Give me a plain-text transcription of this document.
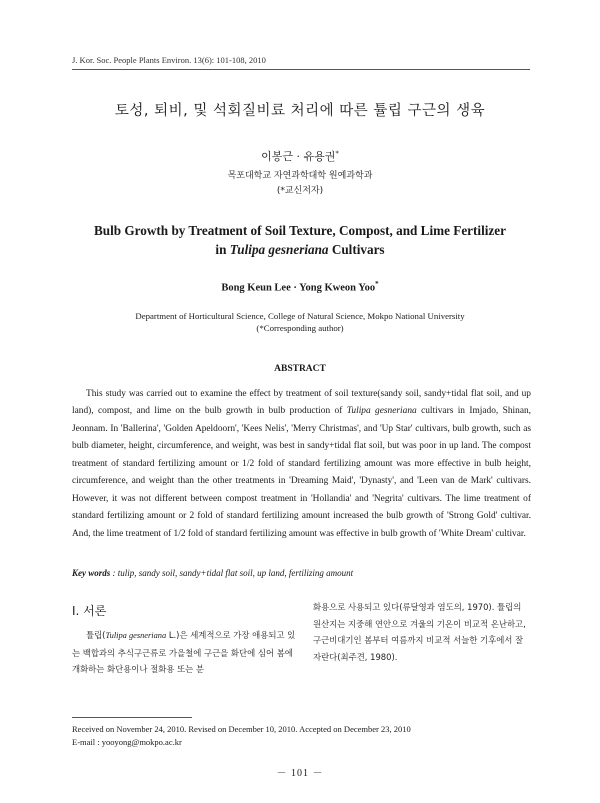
J. Kor. Soc. People Plants Environ. 13(6): 101-108, 2010
토성, 퇴비, 및 석회질비료 처리에 따른 튤립 구근의 생육
이봉근 · 유용권*
목포대학교 자연과학대학 원예과학과
(*교신저자)
Bulb Growth by Treatment of Soil Texture, Compost, and Lime Fertilizer
in Tulipa gesneriana Cultivars
Bong Keun Lee · Yong Kweon Yoo*
Department of Horticultural Science, College of Natural Science, Mokpo National University
(*Corresponding author)
ABSTRACT
This study was carried out to examine the effect by treatment of soil texture(sandy soil, sandy+tidal flat soil, and up land), compost, and lime on the bulb growth in bulb production of Tulipa gesneriana cultivars in Imjado, Shinan, Jeonnam. In 'Ballerina', 'Golden Apeldoorn', 'Kees Nelis', 'Merry Christmas', and 'Up Star' cultivars, bulb growth, such as bulb diameter, height, circumference, and weight, was best in sandy+tidal flat soil, but was poor in up land. The compost treatment of standard fertilizing amount or 1/2 fold of standard fertilizing amount was more effective in bulb height, circumference, and weight than the other treatments in 'Dreaming Maid', 'Dynasty', and 'Leen van de Mark' cultivars. However, it was not different between compost treatment in 'Hollandia' and 'Negrita' cultivars. The lime treatment of standard fertilizing amount or 2 fold of standard fertilizing amount increased the bulb growth of 'Strong Gold' cultivar. And, the lime treatment of 1/2 fold of standard fertilizing amount was effective in bulb growth of 'White Dream' cultivar.
Key words : tulip, sandy soil, sandy+tidal flat soil, up land, fertilizing amount
Ⅰ. 서론
튤립(Tulipa gesneriana L.)은 세계적으로 가장 애용되고 있는 백합과의 추식구근류로 가을철에 구근을 화단에 심어 봄에 개화하는 화단용이나 절화용 또는 분
화용으로 사용되고 있다(류달영과 염도의, 1970). 튤립의 원산지는 지중해 연안으로 겨울의 기온이 비교적 온난하고, 구근비대기인 봄부터 여름까지 비교적 서늘한 기후에서 잘 자란다(최주견, 1980).
Received on November 24, 2010. Revised on December 10, 2010. Accepted on December 23, 2010
E-mail : yooyong@mokpo.ac.kr
－ 101 －
